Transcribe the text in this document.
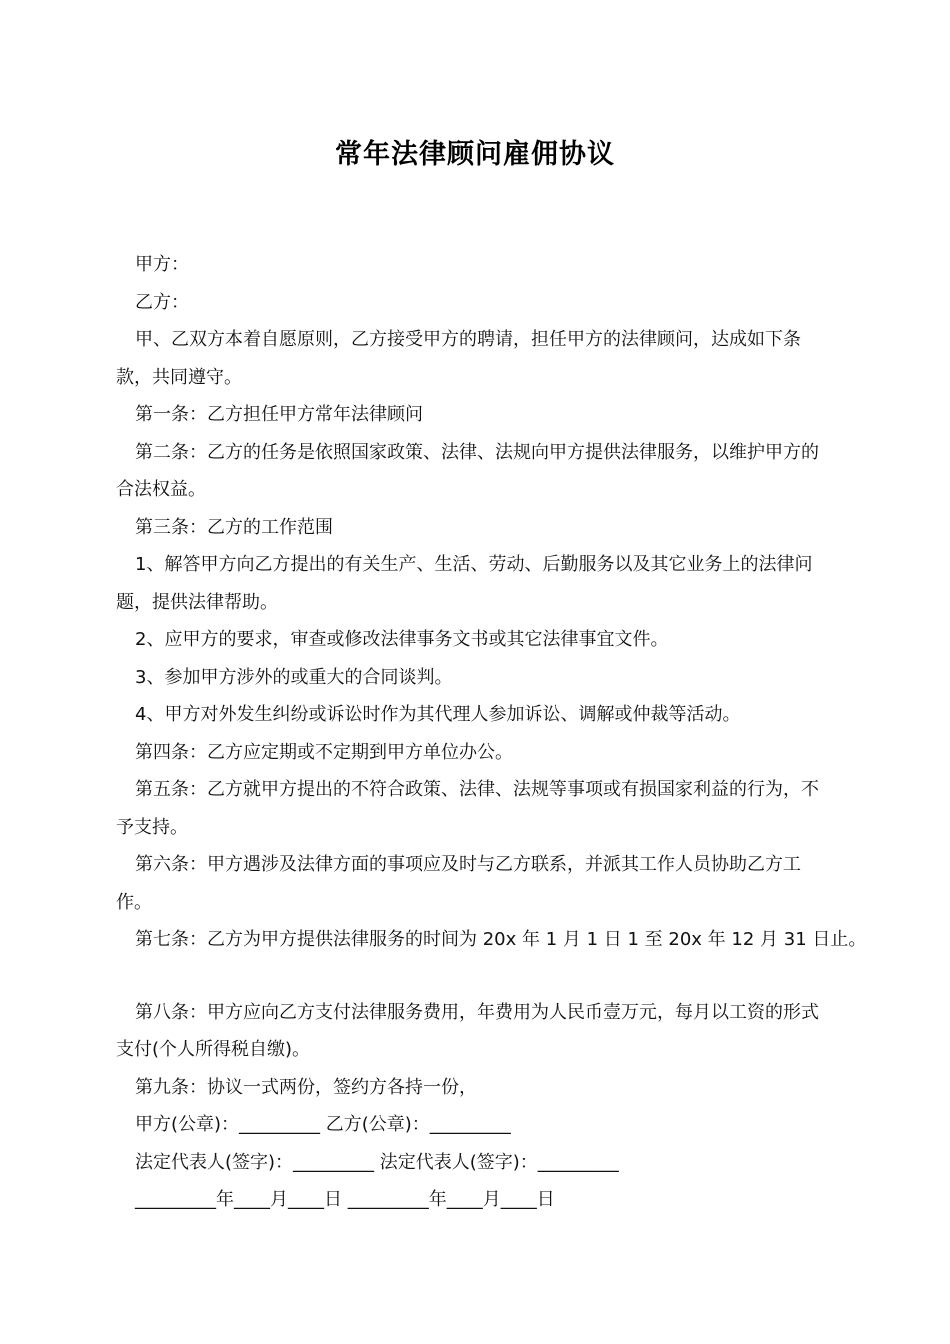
常年法律顾问雇佣协议

甲方：

乙方：

甲、乙双方本着自愿原则，乙方接受甲方的聘请，担任甲方的法律顾问，达成如下条款，共同遵守。

第一条：乙方担任甲方常年法律顾问

第二条：乙方的任务是依照国家政策、法律、法规向甲方提供法律服务，以维护甲方的合法权益。

第三条：乙方的工作范围

1、解答甲方向乙方提出的有关生产、生活、劳动、后勤服务以及其它业务上的法律问题，提供法律帮助。

2、应甲方的要求，审查或修改法律事务文书或其它法律事宜文件。

3、参加甲方涉外的或重大的合同谈判。

4、甲方对外发生纠纷或诉讼时作为其代理人参加诉讼、调解或仲裁等活动。

第四条：乙方应定期或不定期到甲方单位办公。

第五条：乙方就甲方提出的不符合政策、法律、法规等事项或有损国家利益的行为，不予支持。

第六条：甲方遇涉及法律方面的事项应及时与乙方联系，并派其工作人员协助乙方工作。

第七条：乙方为甲方提供法律服务的时间为 20x 年 1 月 1 日 1 至 20x 年 12 月 31 日止。

第八条：甲方应向乙方支付法律服务费用，年费用为人民币壹万元，每月以工资的形式支付(个人所得税自缴)。

第九条：协议一式两份，签约方各持一份，

甲方(公章)：_________ 乙方(公章)：_________

法定代表人(签字)：_________ 法定代表人(签字)：_________

_________年____月____日 _________年____月____日
